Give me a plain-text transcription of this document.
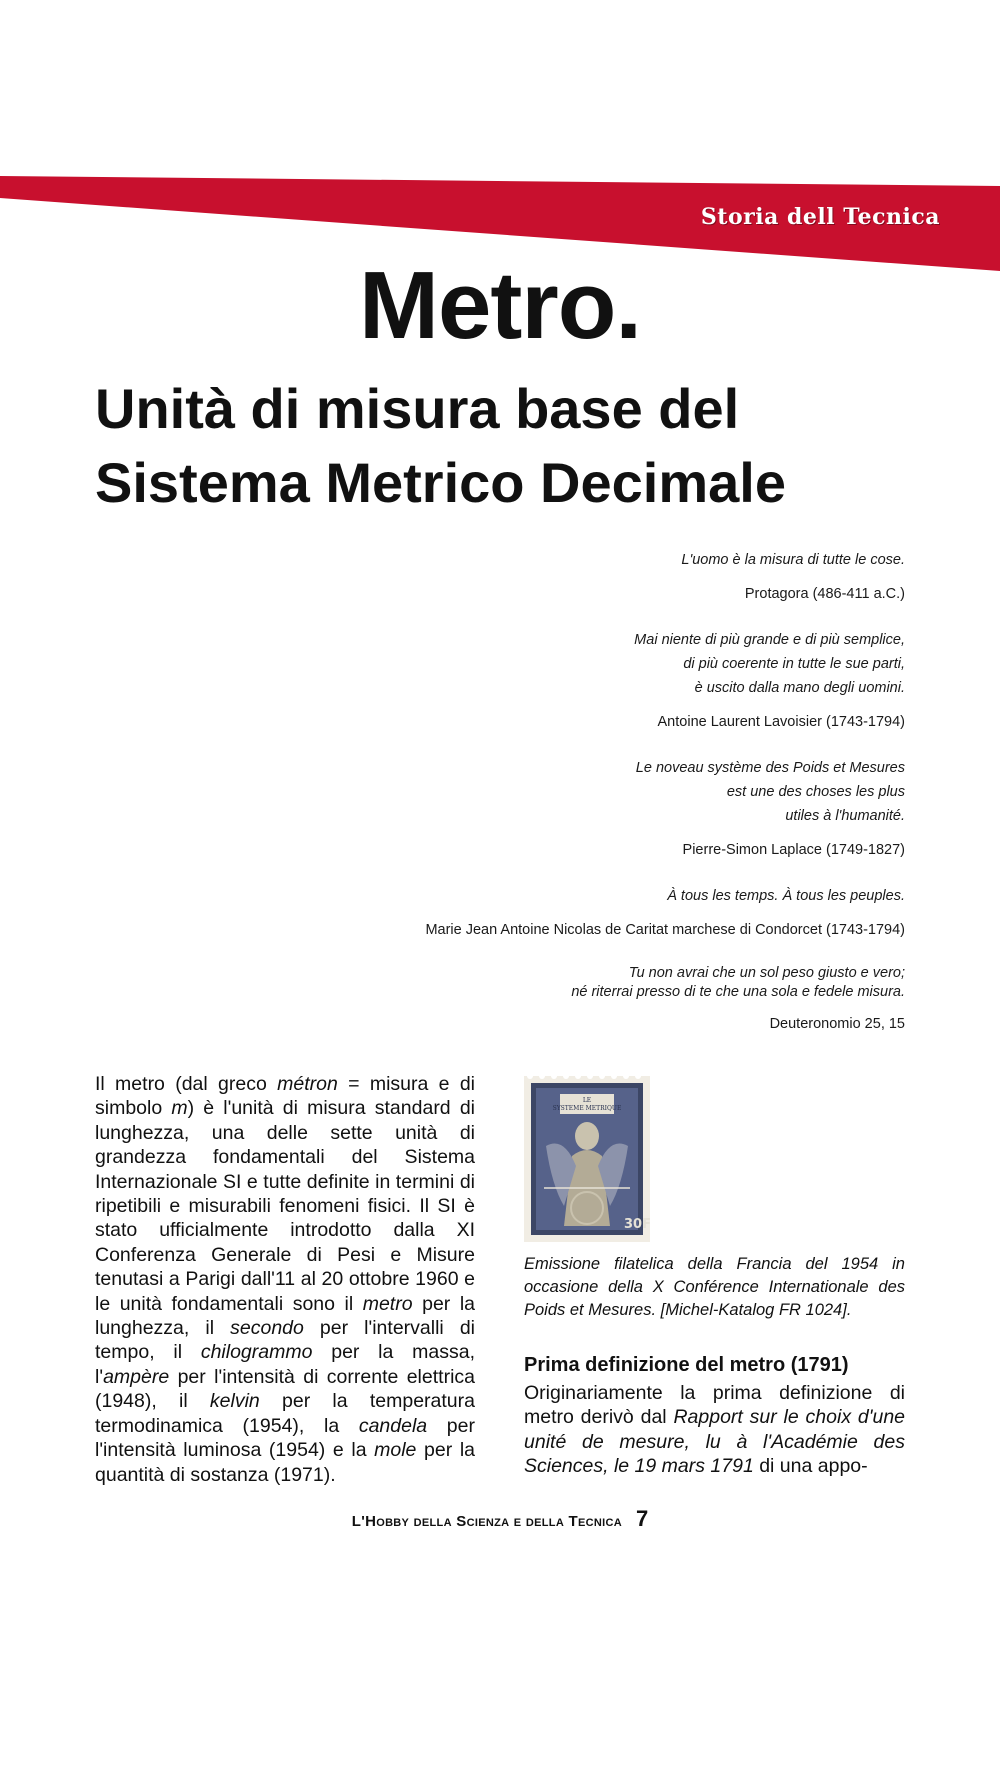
Storia dell Tecnica
Metro.
Unità di misura base del
Sistema Metrico Decimale
L'uomo è la misura di tutte le cose.
Protagora (486-411 a.C.)
Mai niente di più grande e di più semplice,
di più coerente in tutte le sue parti,
è uscito dalla mano degli uomini.
Antoine Laurent Lavoisier (1743-1794)
Le noveau système des Poids et Mesures
est une des choses les plus
utiles à l'humanité.
Pierre-Simon Laplace (1749-1827)
À tous les temps. À tous les peuples.
Marie Jean Antoine Nicolas de Caritat marchese di Condorcet (1743-1794)
Tu non avrai che un sol peso giusto e vero;
né riterrai presso di te che una sola e fedele misura.
Deuteronomio 25, 15

Il metro (dal greco métron = misura e di simbolo m) è l'unità di misura standard di lunghezza, una delle sette unità di grandezza fondamentali del Sistema Internazionale SI e tutte definite in termini di ripetibili e misurabili fenomeni fisici. Il SI è stato ufficialmente introdotto dalla XI Conferenza Generale di Pesi e Misure tenutasi a Parigi dall'11 al 20 ottobre 1960 e le unità fondamentali sono il metro per la lunghezza, il secondo per l'intervalli di tempo, il chilogrammo per la massa, l'ampère per l'intensità di corrente elettrica (1948), il kelvin per la temperatura termodinamica (1954), la candela per l'intensità luminosa (1954) e la mole per la quantità di sostanza (1971).

LE
SYSTEME METRIQUE
30F

Emissione filatelica della Francia del 1954 in occasione della X Conférence Internationale des Poids et Mesures. [Michel-Katalog FR 1024].

Prima definizione del metro (1791)

Originariamente la prima definizione di metro derivò dal Rapport sur le choix d'une unité de mesure, lu à l'Académie des Sciences, le 19 mars 1791 di una appo-

L'Hobby della Scienza e della Tecnica 7
